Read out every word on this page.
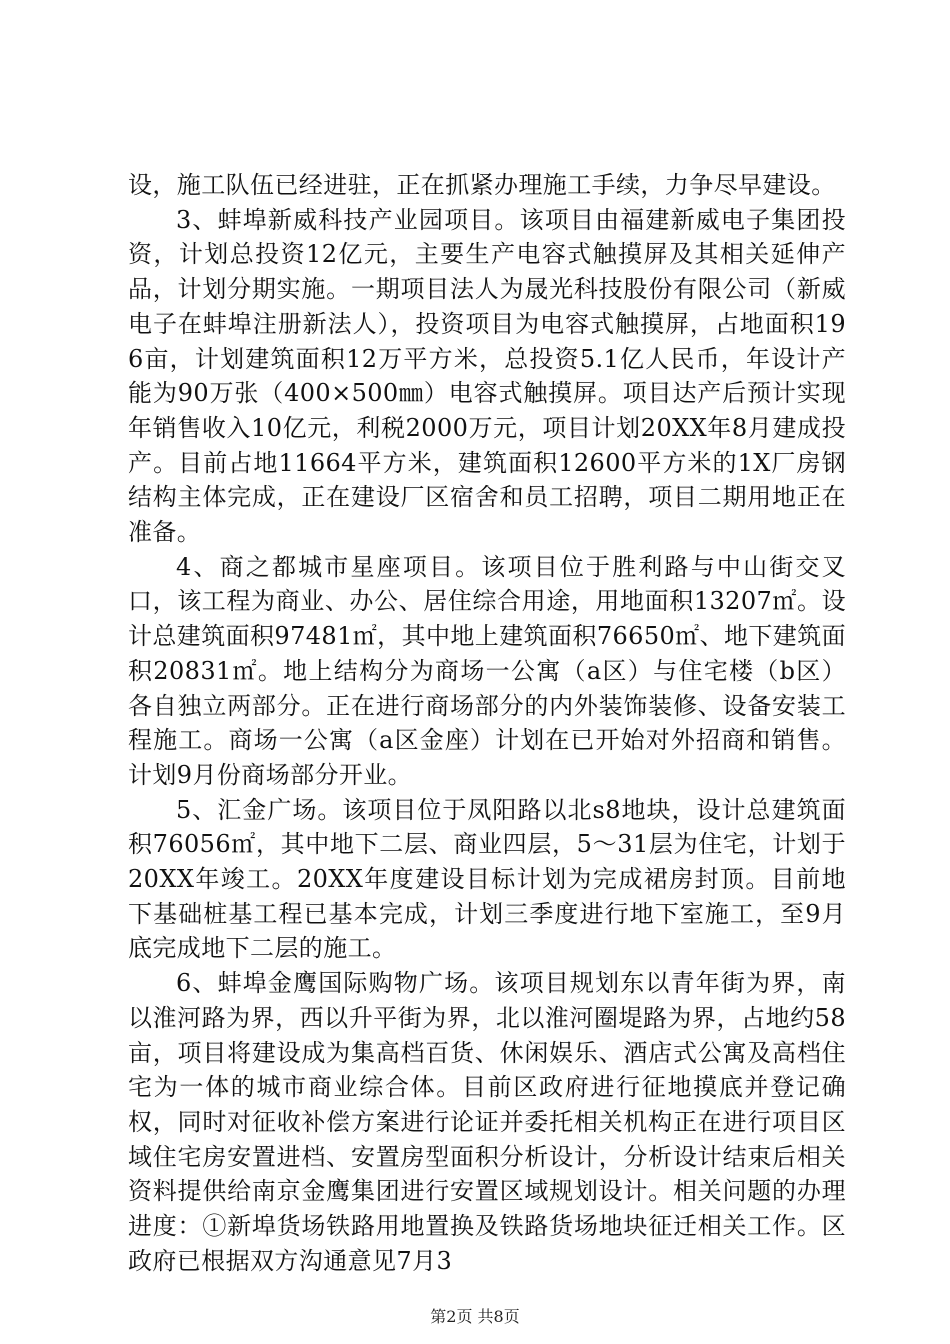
设，施工队伍已经进驻，正在抓紧办理施工手续，力争尽早建设。

3、蚌埠新威科技产业园项目。该项目由福建新威电子集团投资，计划总投资12亿元，主要生产电容式触摸屏及其相关延伸产品，计划分期实施。一期项目法人为晟光科技股份有限公司（新威电子在蚌埠注册新法人），投资项目为电容式触摸屏，占地面积196亩，计划建筑面积12万平方米，总投资5.1亿人民币，年设计产能为90万张（400×500㎜）电容式触摸屏。项目达产后预计实现年销售收入10亿元，利税2000万元，项目计划20XX年8月建成投产。目前占地11664平方米，建筑面积12600平方米的1X厂房钢结构主体完成，正在建设厂区宿舍和员工招聘，项目二期用地正在准备。

4、商之都城市星座项目。该项目位于胜利路与中山街交叉口，该工程为商业、办公、居住综合用途，用地面积13207㎡。设计总建筑面积97481㎡，其中地上建筑面积76650㎡、地下建筑面积20831㎡。地上结构分为商场一公寓（a区）与住宅楼（b区）各自独立两部分。正在进行商场部分的内外装饰装修、设备安装工程施工。商场一公寓（a区金座）计划在已开始对外招商和销售。计划9月份商场部分开业。

5、汇金广场。该项目位于凤阳路以北s8地块，设计总建筑面积76056㎡，其中地下二层、商业四层，5～31层为住宅，计划于20XX年竣工。20XX年度建设目标计划为完成裙房封顶。目前地下基础桩基工程已基本完成，计划三季度进行地下室施工，至9月底完成地下二层的施工。

6、蚌埠金鹰国际购物广场。该项目规划东以青年街为界，南以淮河路为界，西以升平街为界，北以淮河圈堤路为界，占地约58亩，项目将建设成为集高档百货、休闲娱乐、酒店式公寓及高档住宅为一体的城市商业综合体。目前区政府进行征地摸底并登记确权，同时对征收补偿方案进行论证并委托相关机构正在进行项目区域住宅房安置进档、安置房型面积分析设计，分析设计结束后相关资料提供给南京金鹰集团进行安置区域规划设计。相关问题的办理进度：①新埠货场铁路用地置换及铁路货场地块征迁相关工作。区政府已根据双方沟通意见7月3

第2页 共8页
